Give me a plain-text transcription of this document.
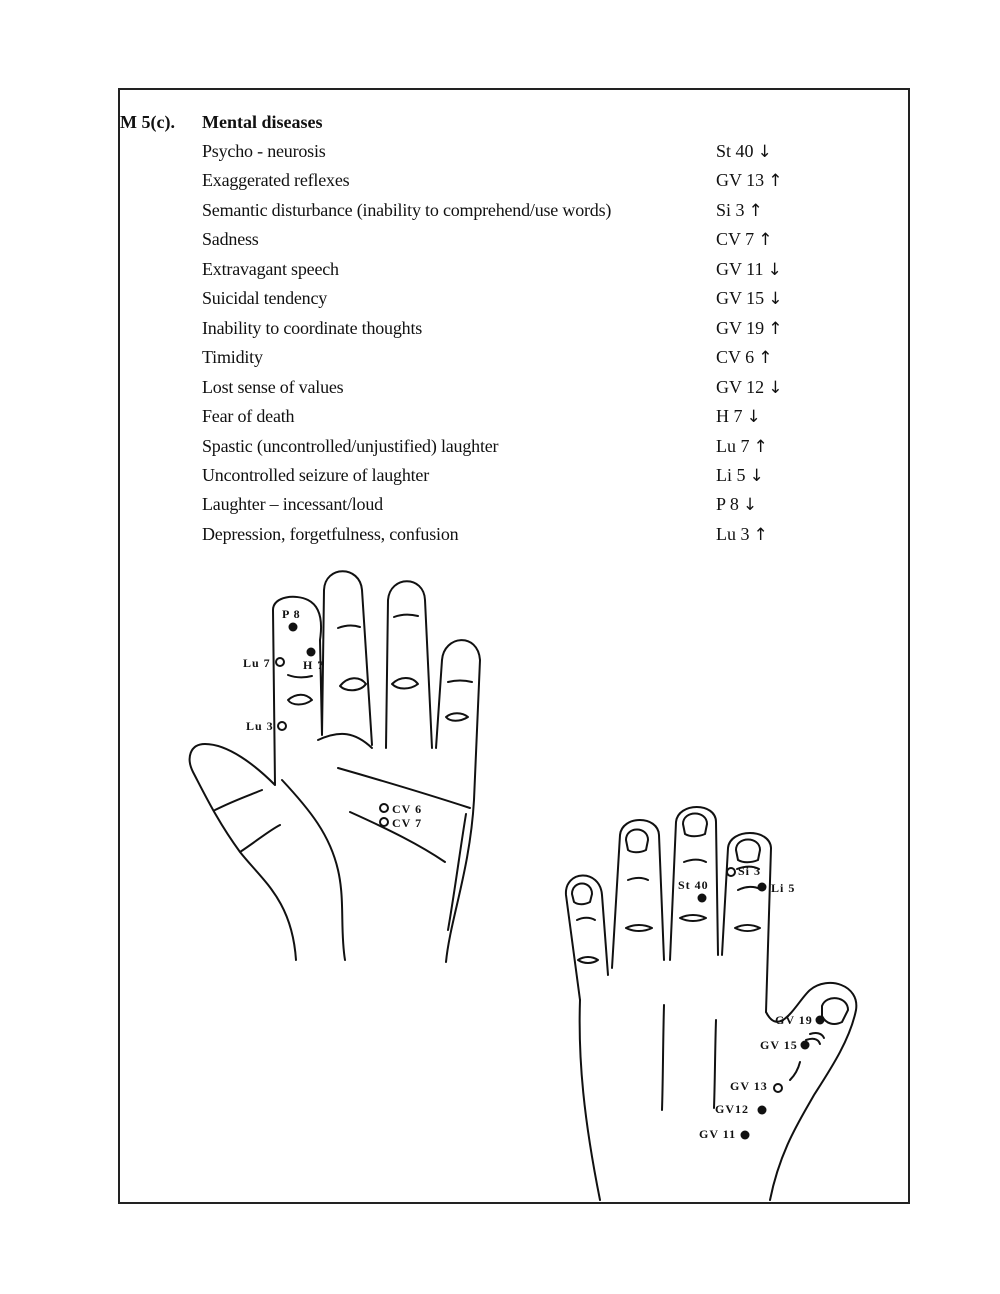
M 5(c). Mental diseases
Psycho - neurosis	St 40 ↓
Exaggerated reflexes	GV 13 ↑
Semantic disturbance (inability to comprehend/use words)	Si 3 ↑
Sadness	CV 7 ↑
Extravagant speech	GV 11 ↓
Suicidal tendency	GV 15 ↓
Inability to coordinate thoughts	GV 19 ↑
Timidity	CV 6 ↑
Lost sense of values	GV 12 ↓
Fear of death	H 7 ↓
Spastic (uncontrolled/unjustified) laughter	Lu 7 ↑
Uncontrolled seizure of laughter	Li 5 ↓
Laughter – incessant/loud	P 8 ↓
Depression, forgetfulness, confusion	Lu 3 ↑
P 8
Lu 7	H 7
Lu 3
CV 6
CV 7
Si 3
St 40	Li 5
GV 19
GV 15
GV 13
GV12
GV 11
